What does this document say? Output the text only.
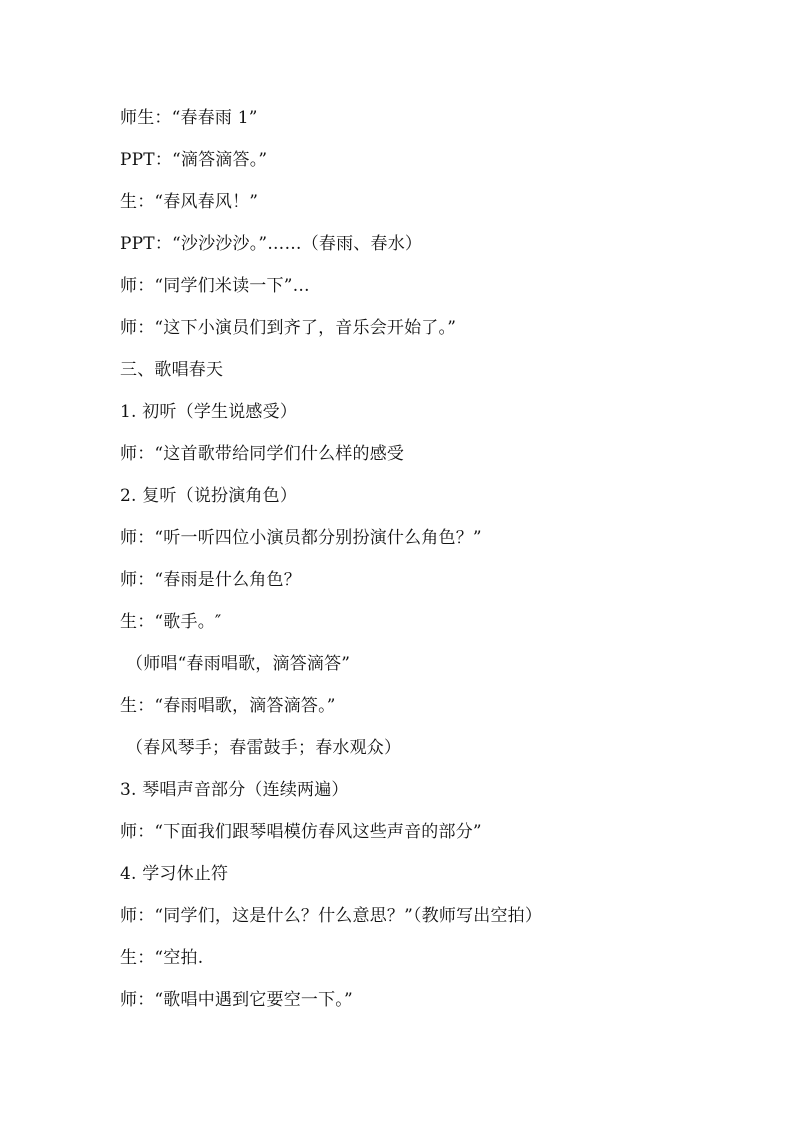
师生：“春春雨 1”
PPT：“滴答滴答。”
生：“春风春风！”
PPT：“沙沙沙沙。”……（春雨、春水）
师：“同学们米读一下”…
师：“这下小演员们到齐了，音乐会开始了。”
三、歌唱春天
1. 初听（学生说感受）
师：“这首歌带给同学们什么样的感受
2. 复听（说扮演角色）
师：“听一听四位小演员都分别扮演什么角色？”
师：“春雨是什么角色？
生：“歌手。″
（师唱“春雨唱歌，滴答滴答”
生：“春雨唱歌，滴答滴答。”
（春风琴手；春雷鼓手；春水观众）
3. 琴唱声音部分（连续两遍）
师：“下面我们跟琴唱模仿春风这些声音的部分”
4. 学习休止符
师：“同学们，这是什么？什么意思？”（教师写出空拍）
生：“空拍.
师：“歌唱中遇到它要空一下。”
